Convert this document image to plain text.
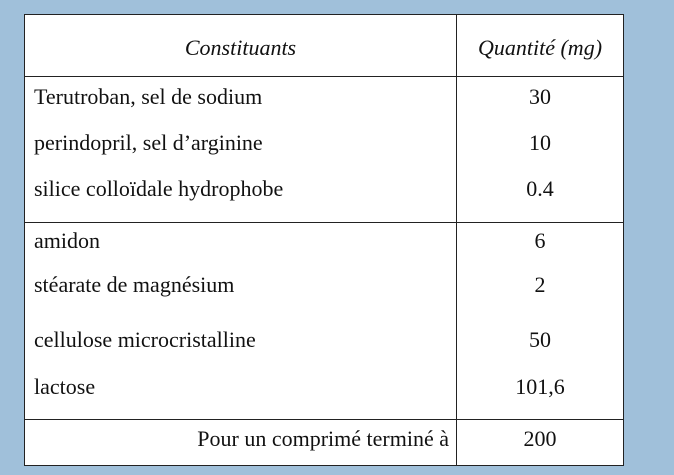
Constituants	Quantité (mg)
Terutroban, sel de sodium	30
perindopril, sel d’arginine	10
silice colloïdale hydrophobe	0.4
amidon	6
stéarate de magnésium	2
cellulose microcristalline	50
lactose	101,6
Pour un comprimé terminé à	200
